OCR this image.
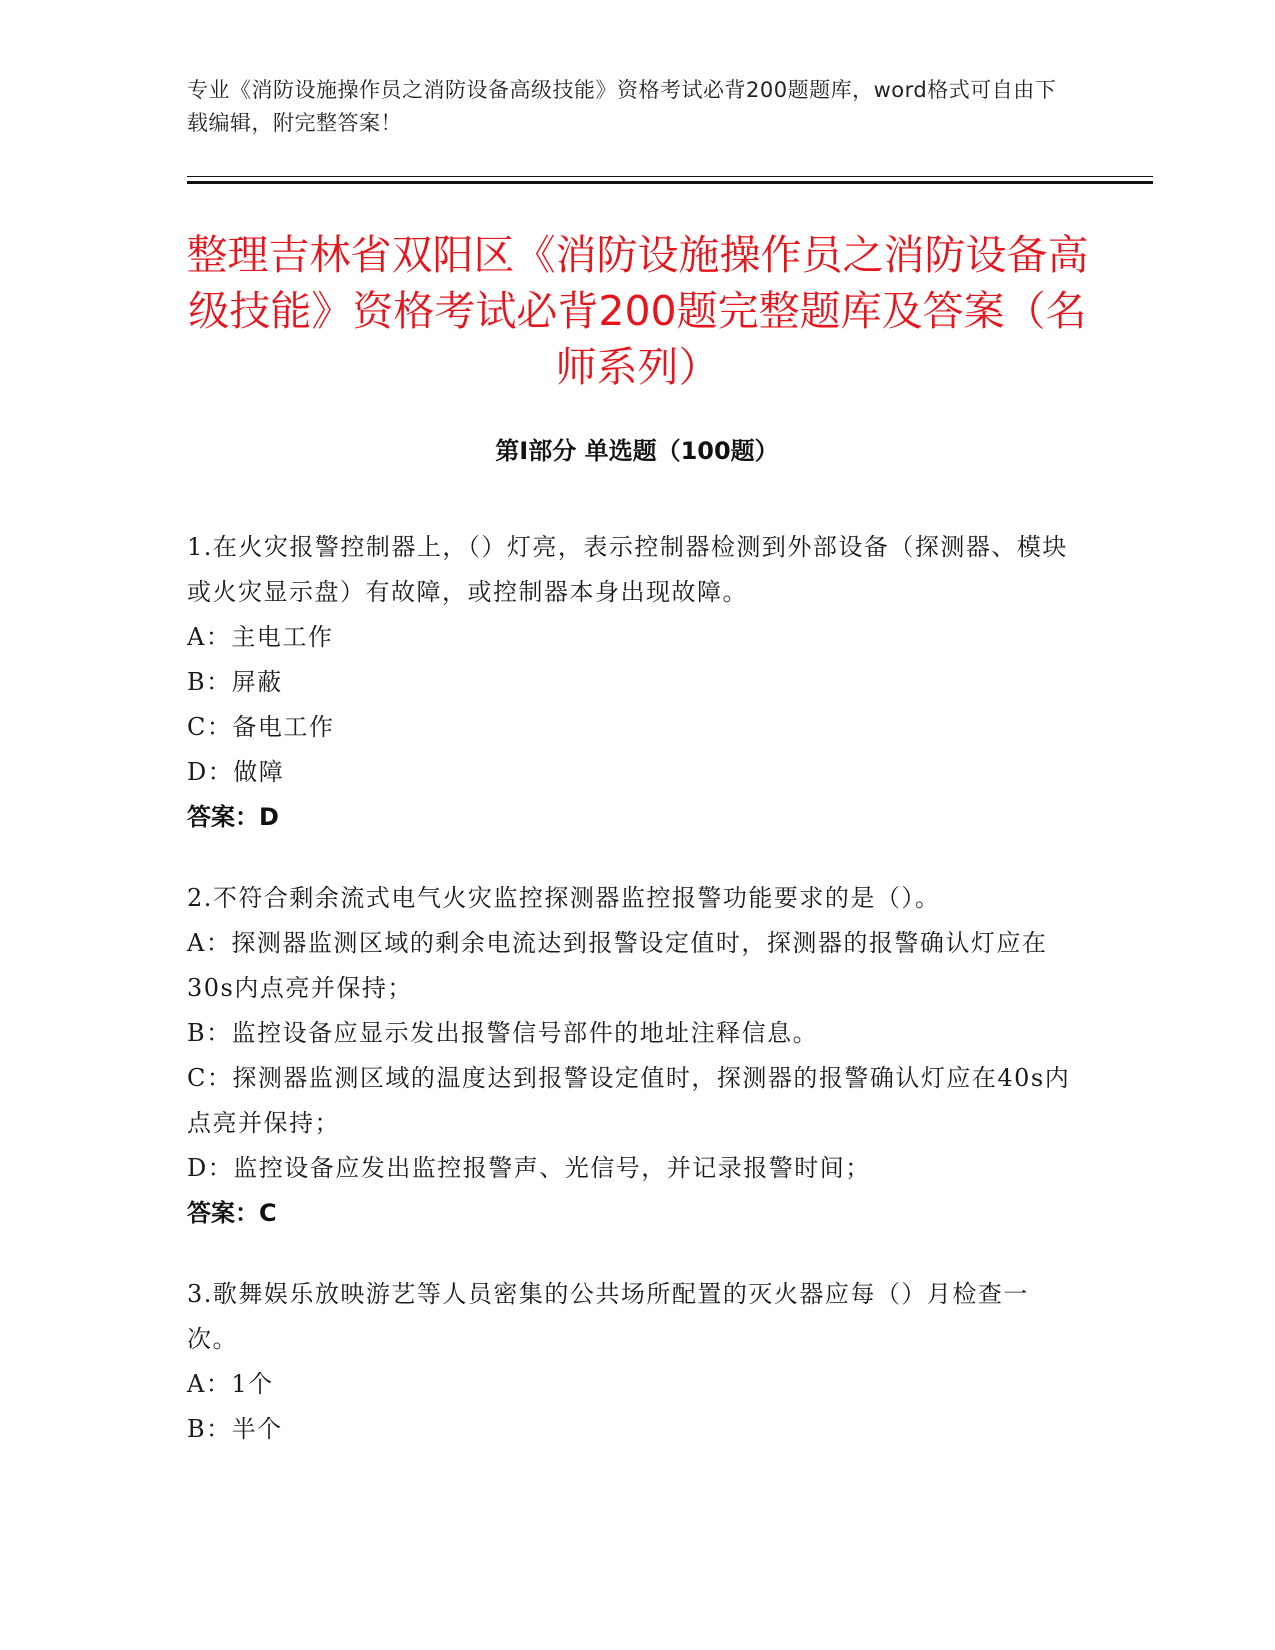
专业《消防设施操作员之消防设备高级技能》资格考试必背200题题库，word格式可自由下载编辑，附完整答案！
整理吉林省双阳区《消防设施操作员之消防设备高级技能》资格考试必背200题完整题库及答案（名师系列）
第Ⅰ部分 单选题（100题）

1.在火灾报警控制器上，（）灯亮，表示控制器检测到外部设备（探测器、模块或火灾显示盘）有故障，或控制器本身出现故障。

A：主电工作

B：屏蔽

C：备电工作

D：做障

答案：D

2.不符合剩余流式电气火灾监控探测器监控报警功能要求的是（）。

A：探测器监测区域的剩余电流达到报警设定值时，探测器的报警确认灯应在30s内点亮并保持；

B：监控设备应显示发出报警信号部件的地址注释信息。

C：探测器监测区域的温度达到报警设定值时，探测器的报警确认灯应在40s内点亮并保持；

D：监控设备应发出监控报警声、光信号，并记录报警时间；

答案：C

3.歌舞娱乐放映游艺等人员密集的公共场所配置的灭火器应每（）月检查一次。

A：1个

B：半个
